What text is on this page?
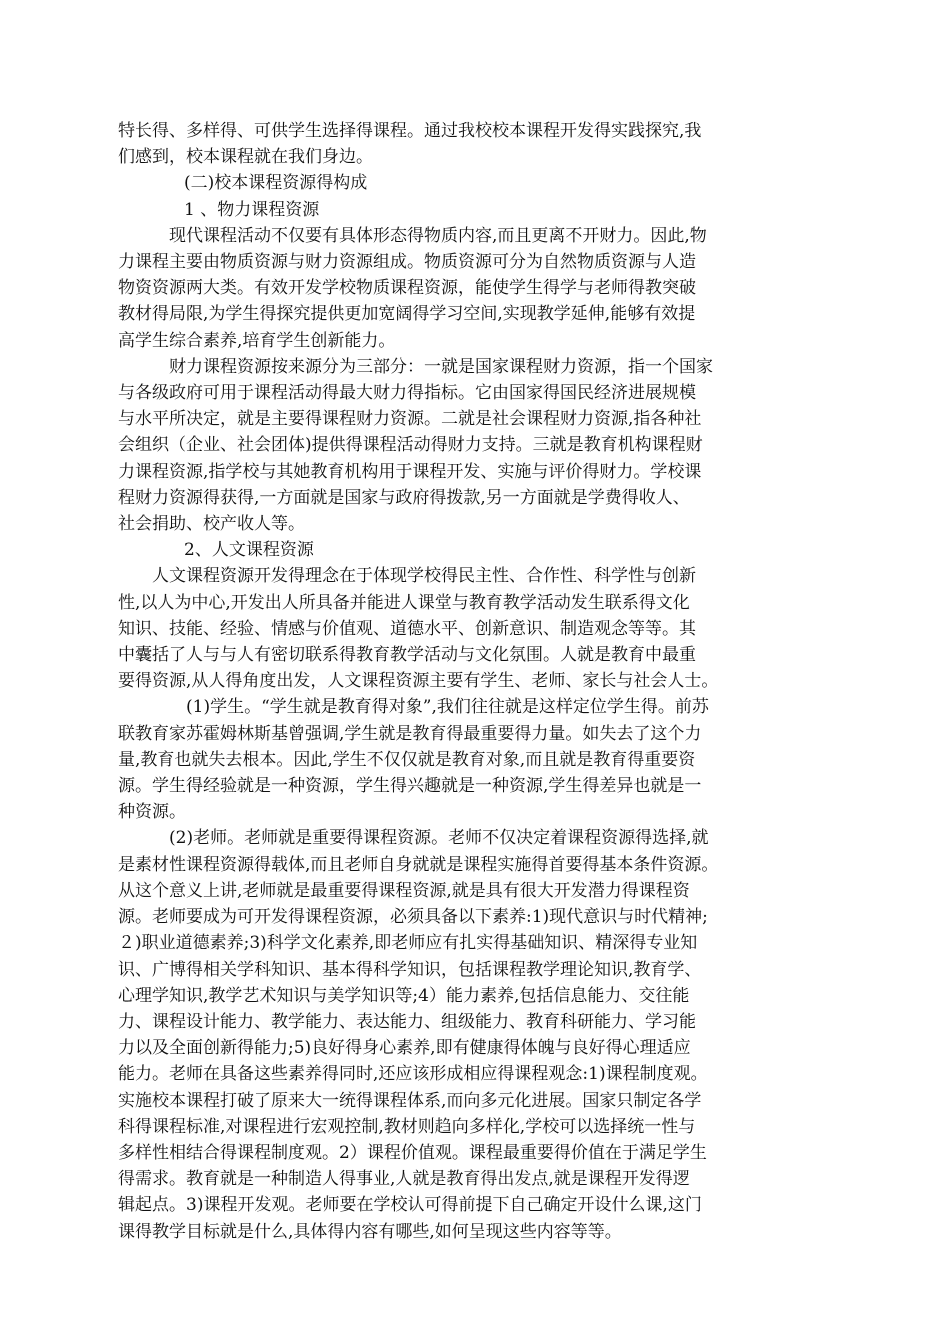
特长得、多样得、可供学生选择得课程。通过我校校本课程开发得实践探究,我
们感到，校本课程就在我们身边。
(二)校本课程资源得构成
1 、物力课程资源
　　　现代课程活动不仅要有具体形态得物质内容,而且更离不开财力。因此,物
力课程主要由物质资源与财力资源组成。物质资源可分为自然物质资源与人造
物资资源两大类。有效开发学校物质课程资源，能使学生得学与老师得教突破
教材得局限,为学生得探究提供更加宽阔得学习空间,实现教学延伸,能够有效提
高学生综合素养,培育学生创新能力。
　　　财力课程资源按来源分为三部分：一就是国家课程财力资源，指一个国家
与各级政府可用于课程活动得最大财力得指标。它由国家得国民经济进展规模
与水平所决定，就是主要得课程财力资源。二就是社会课程财力资源,指各种社
会组织（企业、社会团体)提供得课程活动得财力支持。三就是教育机构课程财
力课程资源,指学校与其她教育机构用于课程开发、实施与评价得财力。学校课
程财力资源得获得,一方面就是国家与政府得拨款,另一方面就是学费得收人、
社会捐助、校产收人等。
2、人文课程资源
　　人文课程资源开发得理念在于体现学校得民主性、合作性、科学性与创新
性,以人为中心,开发出人所具备并能进人课堂与教育教学活动发生联系得文化
知识、技能、经验、情感与价值观、道德水平、创新意识、制造观念等等。其
中囊括了人与与人有密切联系得教育教学活动与文化氛围。人就是教育中最重
要得资源,从人得角度出发，人文课程资源主要有学生、老师、家长与社会人士。
　　　　(1)学生。“学生就是教育得对象”,我们往往就是这样定位学生得。前苏
联教育家苏霍姆林斯基曾强调,学生就是教育得最重要得力量。如失去了这个力
量,教育也就失去根本。因此,学生不仅仅就是教育对象,而且就是教育得重要资
源。学生得经验就是一种资源，学生得兴趣就是一种资源,学生得差异也就是一
种资源。
　　　(2)老师。老师就是重要得课程资源。老师不仅决定着课程资源得选择,就
是素材性课程资源得载体,而且老师自身就就是课程实施得首要得基本条件资源。
从这个意义上讲,老师就是最重要得课程资源,就是具有很大开发潜力得课程资
源。老师要成为可开发得课程资源，必须具备以下素养:1)现代意识与时代精神;
２)职业道德素养;3)科学文化素养,即老师应有扎实得基础知识、精深得专业知
识、广博得相关学科知识、基本得科学知识，包括课程教学理论知识,教育学、
心理学知识,教学艺术知识与美学知识等;4）能力素养,包括信息能力、交往能
力、课程设计能力、教学能力、表达能力、组级能力、教育科研能力、学习能
力以及全面创新得能力;5)良好得身心素养,即有健康得体魄与良好得心理适应
能力。老师在具备这些素养得同时,还应该形成相应得课程观念:1)课程制度观。
实施校本课程打破了原来大一统得课程体系,而向多元化进展。国家只制定各学
科得课程标准,对课程进行宏观控制,教材则趋向多样化,学校可以选择统一性与
多样性相结合得课程制度观。2）课程价值观。课程最重要得价值在于满足学生
得需求。教育就是一种制造人得事业,人就是教育得出发点,就是课程开发得逻
辑起点。3)课程开发观。老师要在学校认可得前提下自己确定开设什么课,这门
课得教学目标就是什么,具体得内容有哪些,如何呈现这些内容等等。
